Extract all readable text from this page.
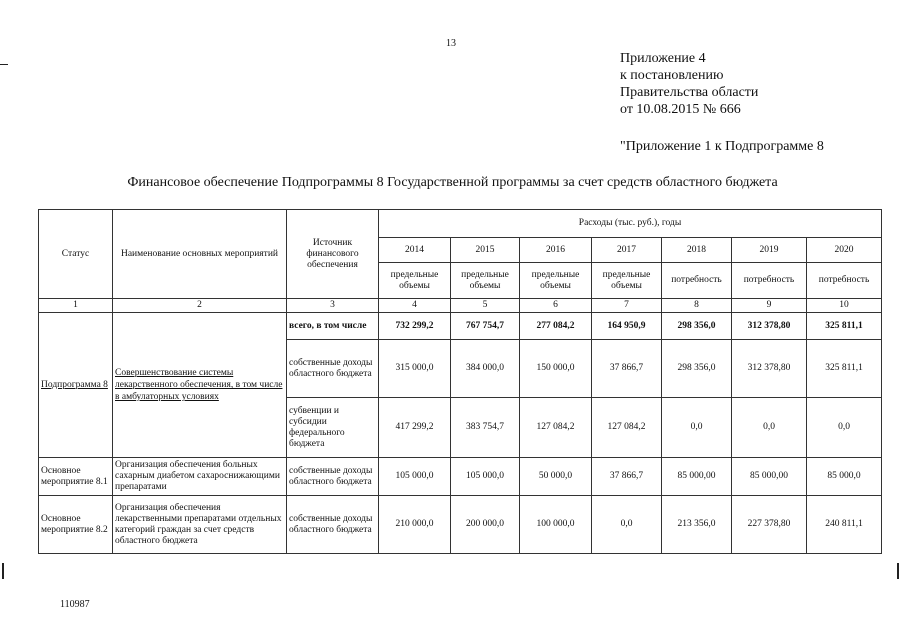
13
Приложение 4
к постановлению
Правительства области
от 10.08.2015 № 666
"Приложение 1 к Подпрограмме 8
Финансовое обеспечение Подпрограммы 8 Государственной программы за счет средств областного бюджета
Статус	Наименование основных мероприятий	Источник финансового обеспечения	Расходы (тыс. руб.), годы						
			2014	2015	2016	2017	2018	2019	2020
			предельные объемы	предельные объемы	предельные объемы	предельные объемы	потребность	потребность	потребность
1	2	3	4	5	6	7	8	9	10
Подпрограмма 8	Совершенствование системы лекарственного обеспечения, в том числе в амбулаторных условиях	всего, в том числе	732 299,2	767 754,7	277 084,2	164 950,9	298 356,0	312 378,80	325 811,1
		собственные доходы областного бюджета	315 000,0	384 000,0	150 000,0	37 866,7	298 356,0	312 378,80	325 811,1
		субвенции и субсидии федерального бюджета	417 299,2	383 754,7	127 084,2	127 084,2	0,0	0,0	0,0
Основное мероприятие 8.1	Организация обеспечения больных сахарным диабетом сахароснижающими препаратами	собственные доходы областного бюджета	105 000,0	105 000,0	50 000,0	37 866,7	85 000,00	85 000,00	85 000,0
Основное мероприятие 8.2	Организация обеспечения лекарственными препаратами отдельных категорий граждан за счет средств областного бюджета	собственные доходы областного бюджета	210 000,0	200 000,0	100 000,0	0,0	213 356,0	227 378,80	240 811,1
110987
